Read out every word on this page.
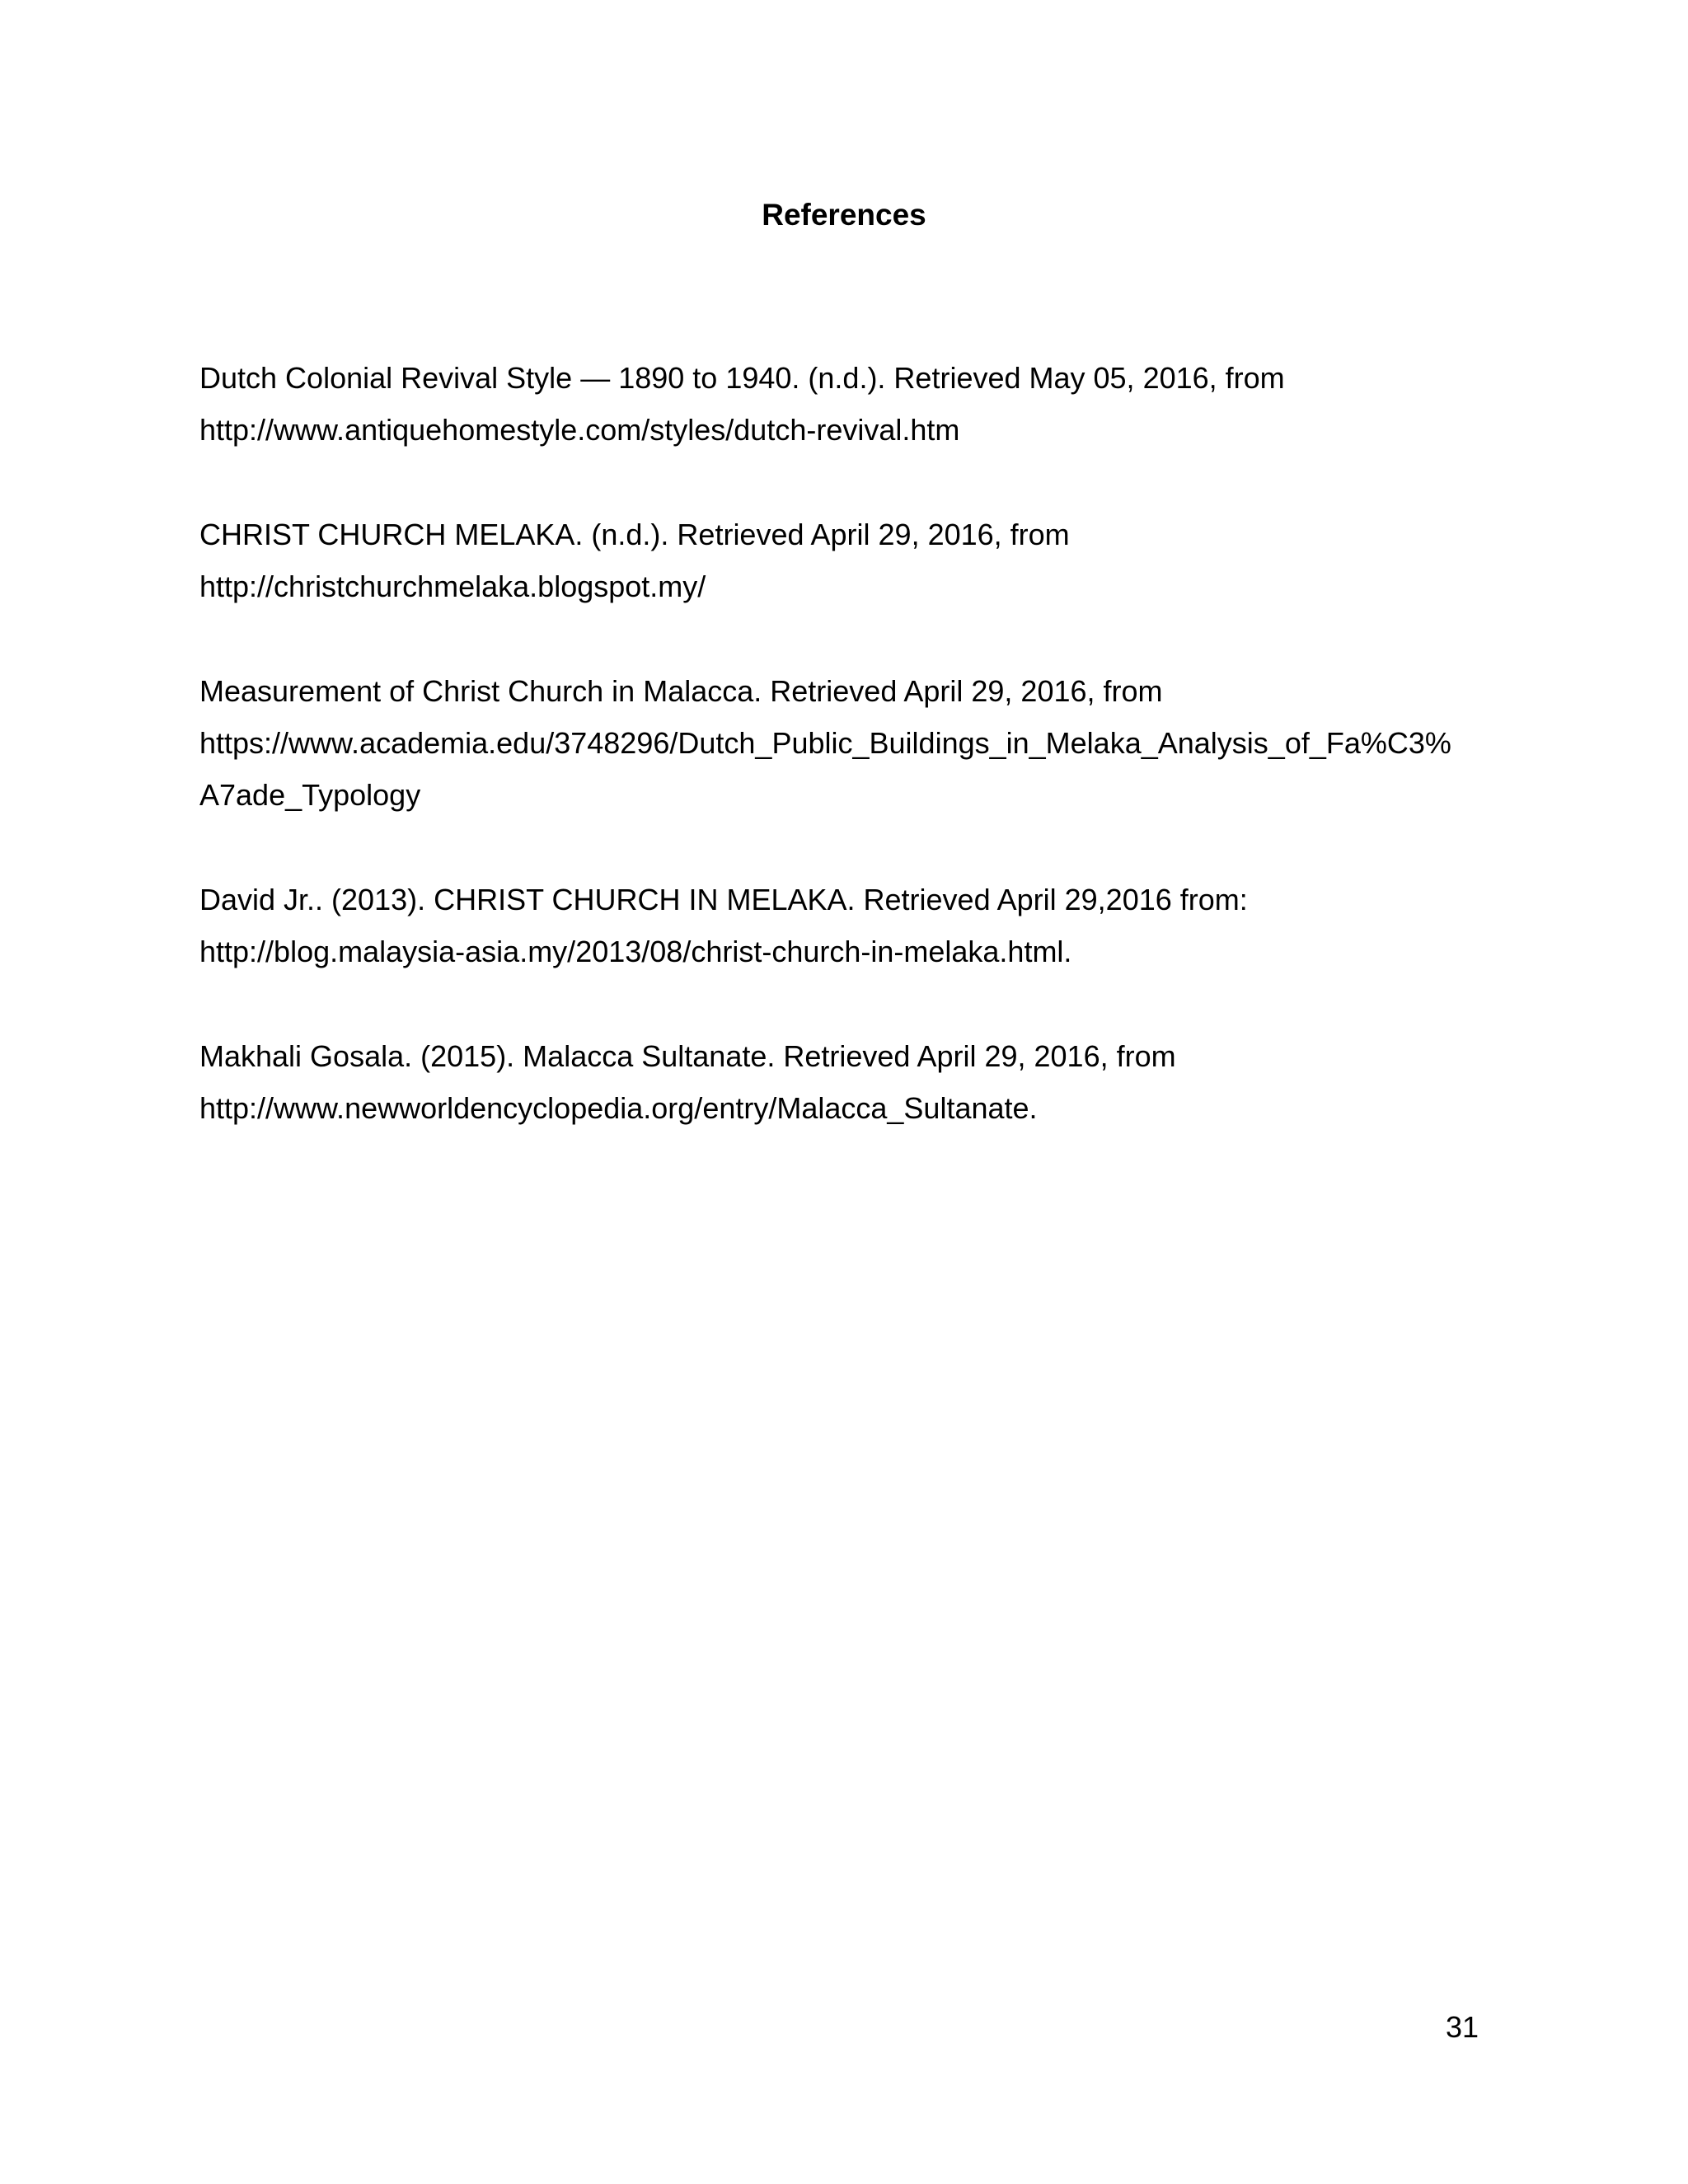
References
Dutch Colonial Revival Style — 1890 to 1940. (n.d.). Retrieved May 05, 2016, from
http://www.antiquehomestyle.com/styles/dutch-revival.htm
CHRIST CHURCH MELAKA. (n.d.). Retrieved April 29, 2016, from
http://christchurchmelaka.blogspot.my/
Measurement of Christ Church in Malacca. Retrieved April 29, 2016, from
https://www.academia.edu/3748296/Dutch_Public_Buildings_in_Melaka_Analysis_of_Fa%C3%
A7ade_Typology
David Jr.. (2013). CHRIST CHURCH IN MELAKA. Retrieved April 29,2016 from:
http://blog.malaysia-asia.my/2013/08/christ-church-in-melaka.html.
Makhali Gosala. (2015). Malacca Sultanate. Retrieved April 29, 2016, from
http://www.newworldencyclopedia.org/entry/Malacca_Sultanate.
31
